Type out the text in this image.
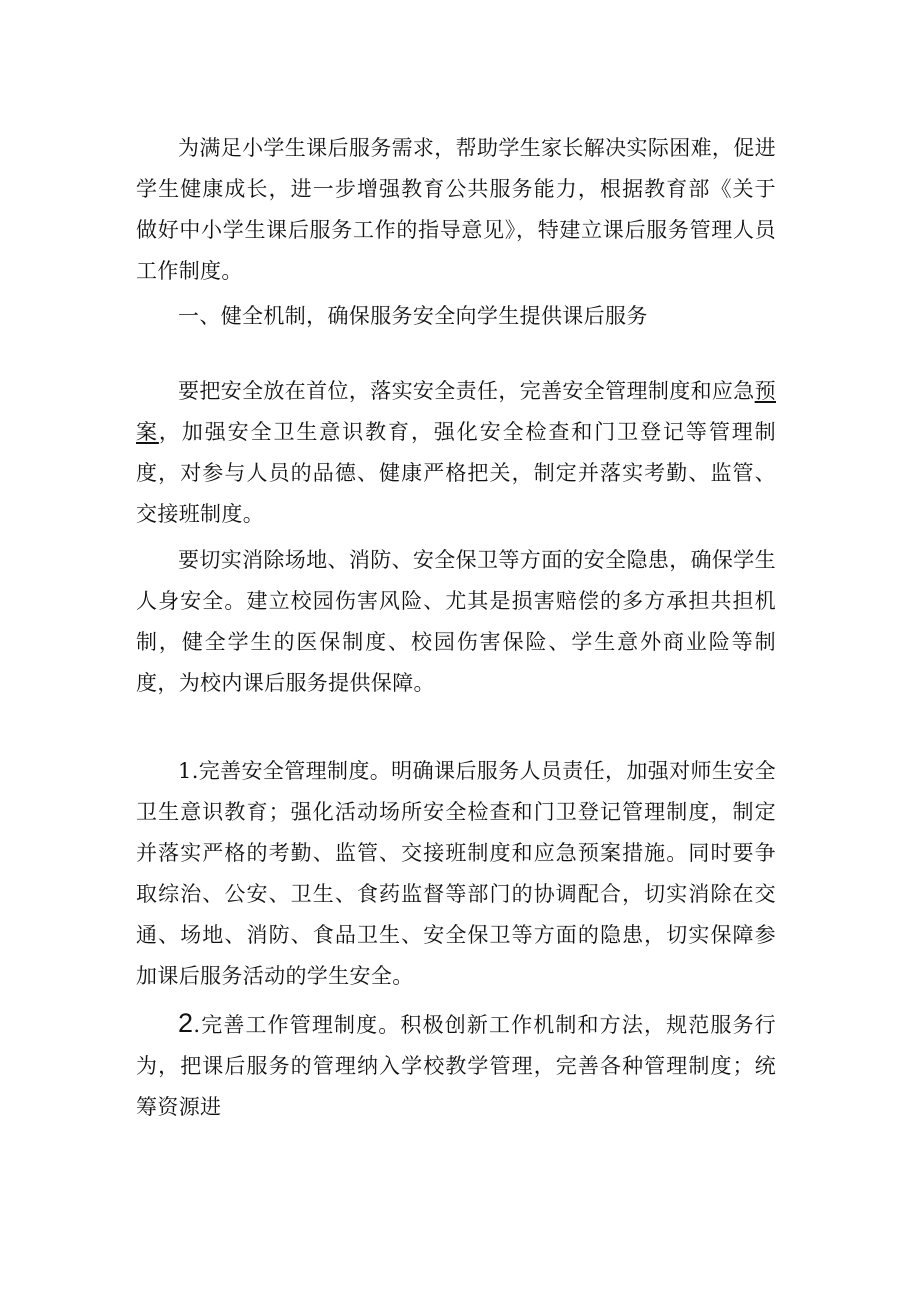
为满足小学生课后服务需求，帮助学生家长解决实际困难，促进学生健康成长，进一步增强教育公共服务能力，根据教育部《关于做好中小学生课后服务工作的指导意见》，特建立课后服务管理人员工作制度。

一、健全机制，确保服务安全向学生提供课后服务

要把安全放在首位，落实安全责任，完善安全管理制度和应急预案，加强安全卫生意识教育，强化安全检查和门卫登记等管理制度，对参与人员的品德、健康严格把关，制定并落实考勤、监管、交接班制度。

要切实消除场地、消防、安全保卫等方面的安全隐患，确保学生人身安全。建立校园伤害风险、尤其是损害赔偿的多方承担共担机制，健全学生的医保制度、校园伤害保险、学生意外商业险等制度，为校内课后服务提供保障。

1.完善安全管理制度。明确课后服务人员责任，加强对师生安全卫生意识教育；强化活动场所安全检查和门卫登记管理制度，制定并落实严格的考勤、监管、交接班制度和应急预案措施。同时要争取综治、公安、卫生、食药监督等部门的协调配合，切实消除在交通、场地、消防、食品卫生、安全保卫等方面的隐患，切实保障参加课后服务活动的学生安全。

2.完善工作管理制度。积极创新工作机制和方法，规范服务行为，把课后服务的管理纳入学校教学管理，完善各种管理制度；统筹资源进
